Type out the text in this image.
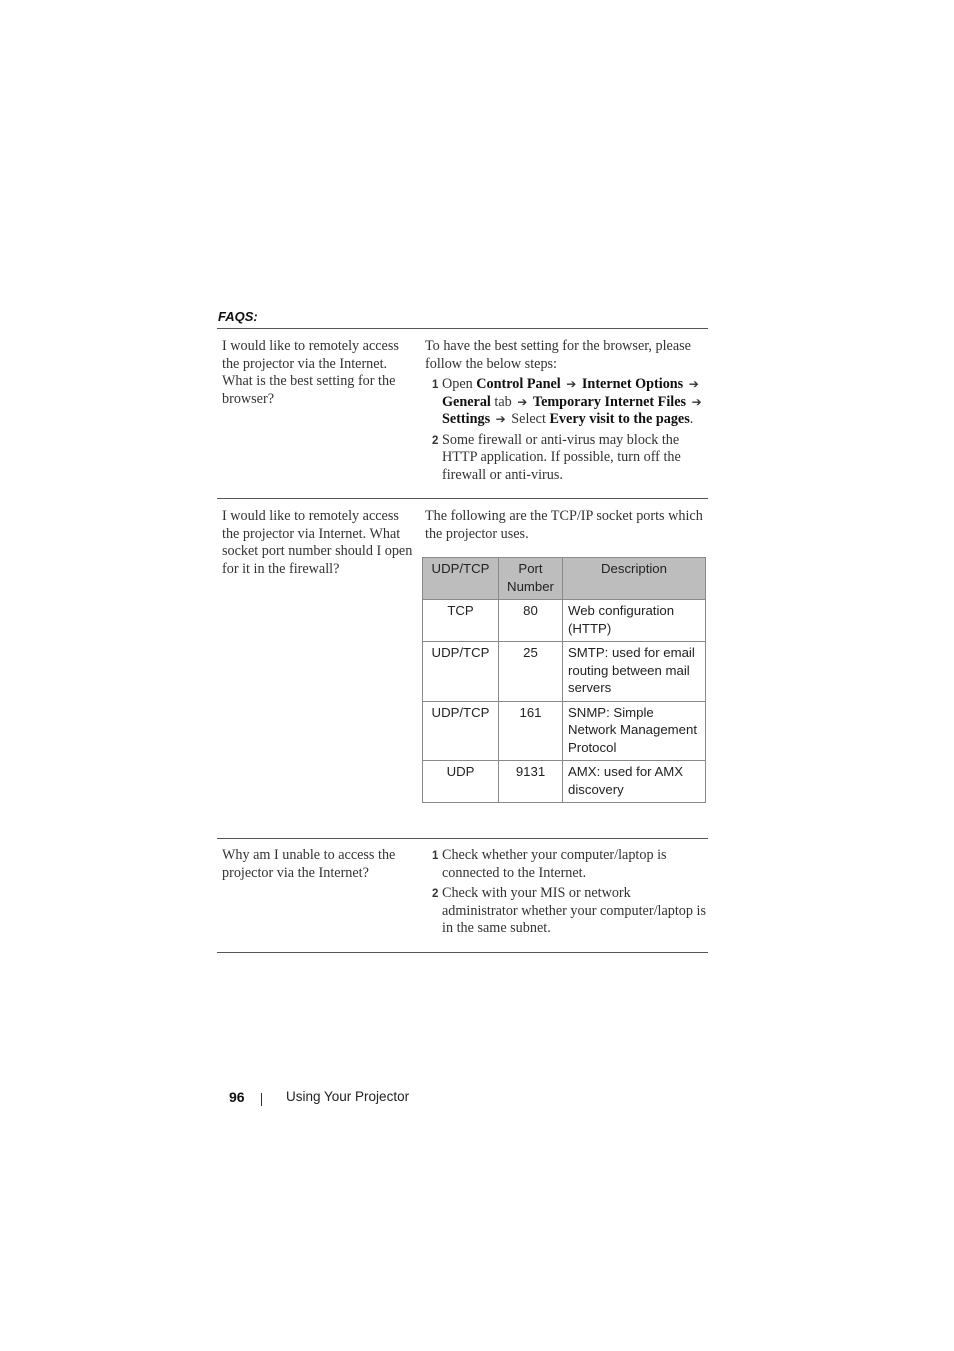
FAQS:
I would like to remotely access the projector via the Internet. What is the best setting for the browser?
To have the best setting for the browser, please follow the below steps:
1 Open Control Panel ➔ Internet Options ➔ General tab ➔ Temporary Internet Files ➔ Settings ➔ Select Every visit to the pages.
2 Some firewall or anti-virus may block the HTTP application. If possible, turn off the firewall or anti-virus.
I would like to remotely access the projector via Internet. What socket port number should I open for it in the firewall?
The following are the TCP/IP socket ports which the projector uses.
UDP/TCP	Port Number	Description
TCP	80	Web configuration (HTTP)
UDP/TCP	25	SMTP: used for email routing between mail servers
UDP/TCP	161	SNMP: Simple Network Management Protocol
UDP	9131	AMX: used for AMX discovery
Why am I unable to access the projector via the Internet?
1 Check whether your computer/laptop is connected to the Internet.
2 Check with your MIS or network administrator whether your computer/laptop is in the same subnet.
96	Using Your Projector
